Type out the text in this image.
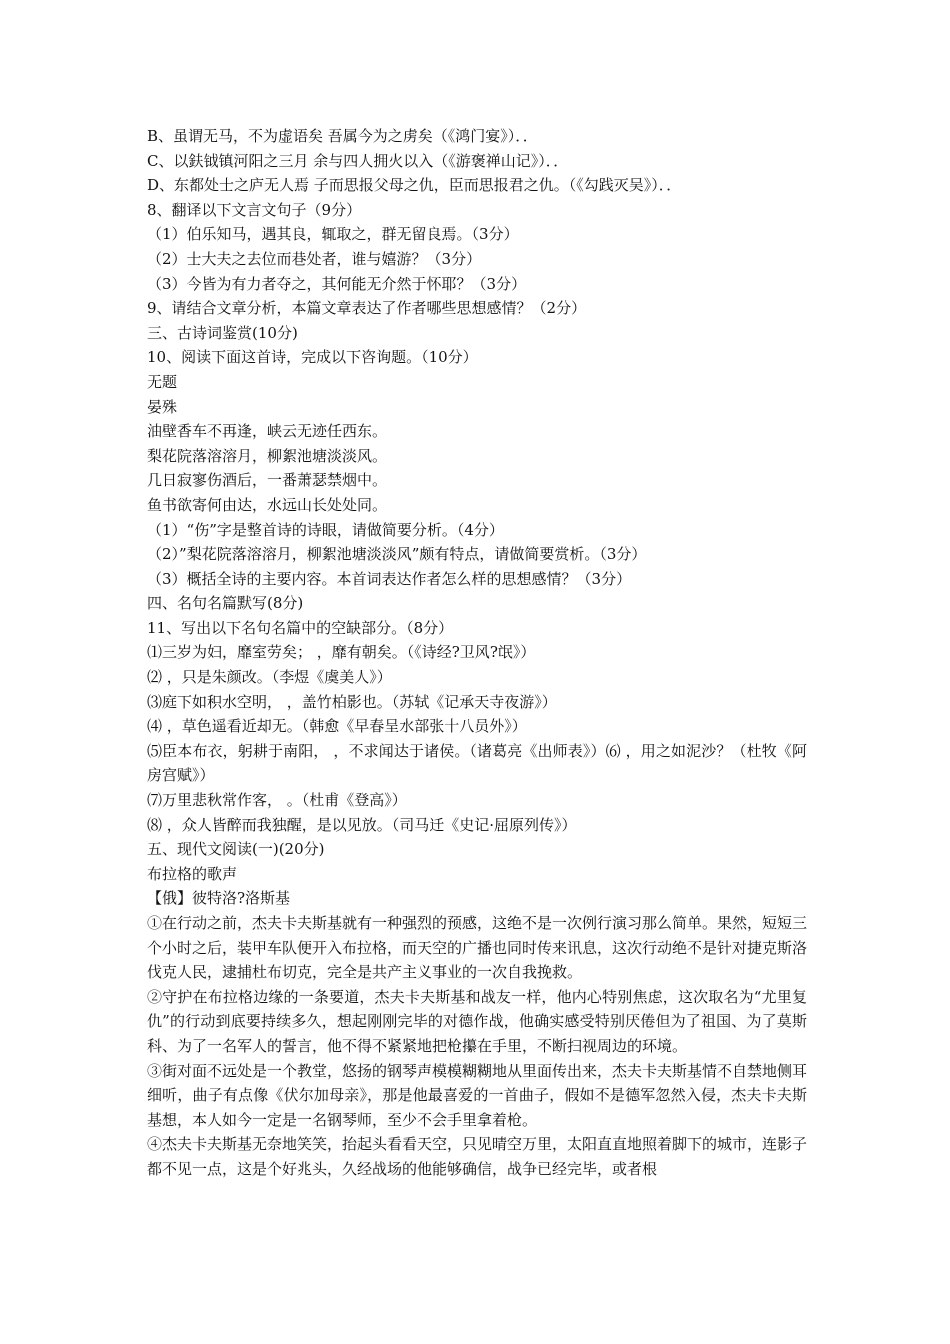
B、虽谓无马，不为虚语矣 吾属今为之虏矣（《鸿门宴》）．．
C、以鈇钺镇河阳之三月 余与四人拥火以入（《游褒禅山记》）．．
D、东都处士之庐无人焉 子而思报父母之仇，臣而思报君之仇。（《勾践灭吴》）．．
8、翻译以下文言文句子（9分）
（1）伯乐知马，遇其良，辄取之，群无留良焉。（3分）
（2）士大夫之去位而巷处者，谁与嬉游？（3分）
（3）今皆为有力者夺之，其何能无介然于怀耶？（3分）
9、请结合文章分析，本篇文章表达了作者哪些思想感情？（2分）
三、古诗词鉴赏(10分)
10、阅读下面这首诗，完成以下咨询题。（10分）
无题
晏殊
油壁香车不再逢，峡云无迹任西东。
梨花院落溶溶月，柳絮池塘淡淡风。
几日寂寥伤酒后，一番萧瑟禁烟中。
鱼书欲寄何由达，水远山长处处同。
（1）“伤”字是整首诗的诗眼，请做简要分析。（4分）
（2）”梨花院落溶溶月，柳絮池塘淡淡风”颇有特点，请做简要赏析。（3分）
（3）概括全诗的主要内容。本首词表达作者怎么样的思想感情？（3分）
四、名句名篇默写(8分)
11、写出以下名句名篇中的空缺部分。（8分）
⑴三岁为妇，靡室劳矣； ，靡有朝矣。（《诗经?卫风?氓》）
⑵ ，只是朱颜改。（李煜《虞美人》）
⑶庭下如积水空明， ，盖竹柏影也。（苏轼《记承天寺夜游》）
⑷ ，草色遥看近却无。（韩愈《早春呈水部张十八员外》）
⑸臣本布衣，躬耕于南阳， ，不求闻达于诸侯。（诸葛亮《出师表》）⑹ ，用之如泥沙？（杜牧《阿房宫赋》）
⑺万里悲秋常作客， 。（杜甫《登高》）
⑻ ，众人皆醉而我独醒，是以见放。（司马迁《史记·屈原列传》）
五、现代文阅读(一)(20分)
布拉格的歌声
【俄】彼特洛?洛斯基
①在行动之前，杰夫卡夫斯基就有一种强烈的预感，这绝不是一次例行演习那么简单。果然，短短三个小时之后，装甲车队便开入布拉格，而天空的广播也同时传来讯息，这次行动绝不是针对捷克斯洛伐克人民，逮捕杜布切克，完全是共产主义事业的一次自我挽救。
②守护在布拉格边缘的一条要道，杰夫卡夫斯基和战友一样，他内心特别焦虑，这次取名为“尤里复仇”的行动到底要持续多久，想起刚刚完毕的对德作战，他确实感受特别厌倦但为了祖国、为了莫斯科、为了一名军人的誓言，他不得不紧紧地把枪攥在手里，不断扫视周边的环境。
③街对面不远处是一个教堂，悠扬的钢琴声模模糊糊地从里面传出来，杰夫卡夫斯基情不自禁地侧耳细听，曲子有点像《伏尔加母亲》，那是他最喜爱的一首曲子，假如不是德军忽然入侵，杰夫卡夫斯基想，本人如今一定是一名钢琴师，至少不会手里拿着枪。
④杰夫卡夫斯基无奈地笑笑，抬起头看看天空，只见晴空万里，太阳直直地照着脚下的城市，连影子都不见一点，这是个好兆头，久经战场的他能够确信，战争已经完毕，或者根
